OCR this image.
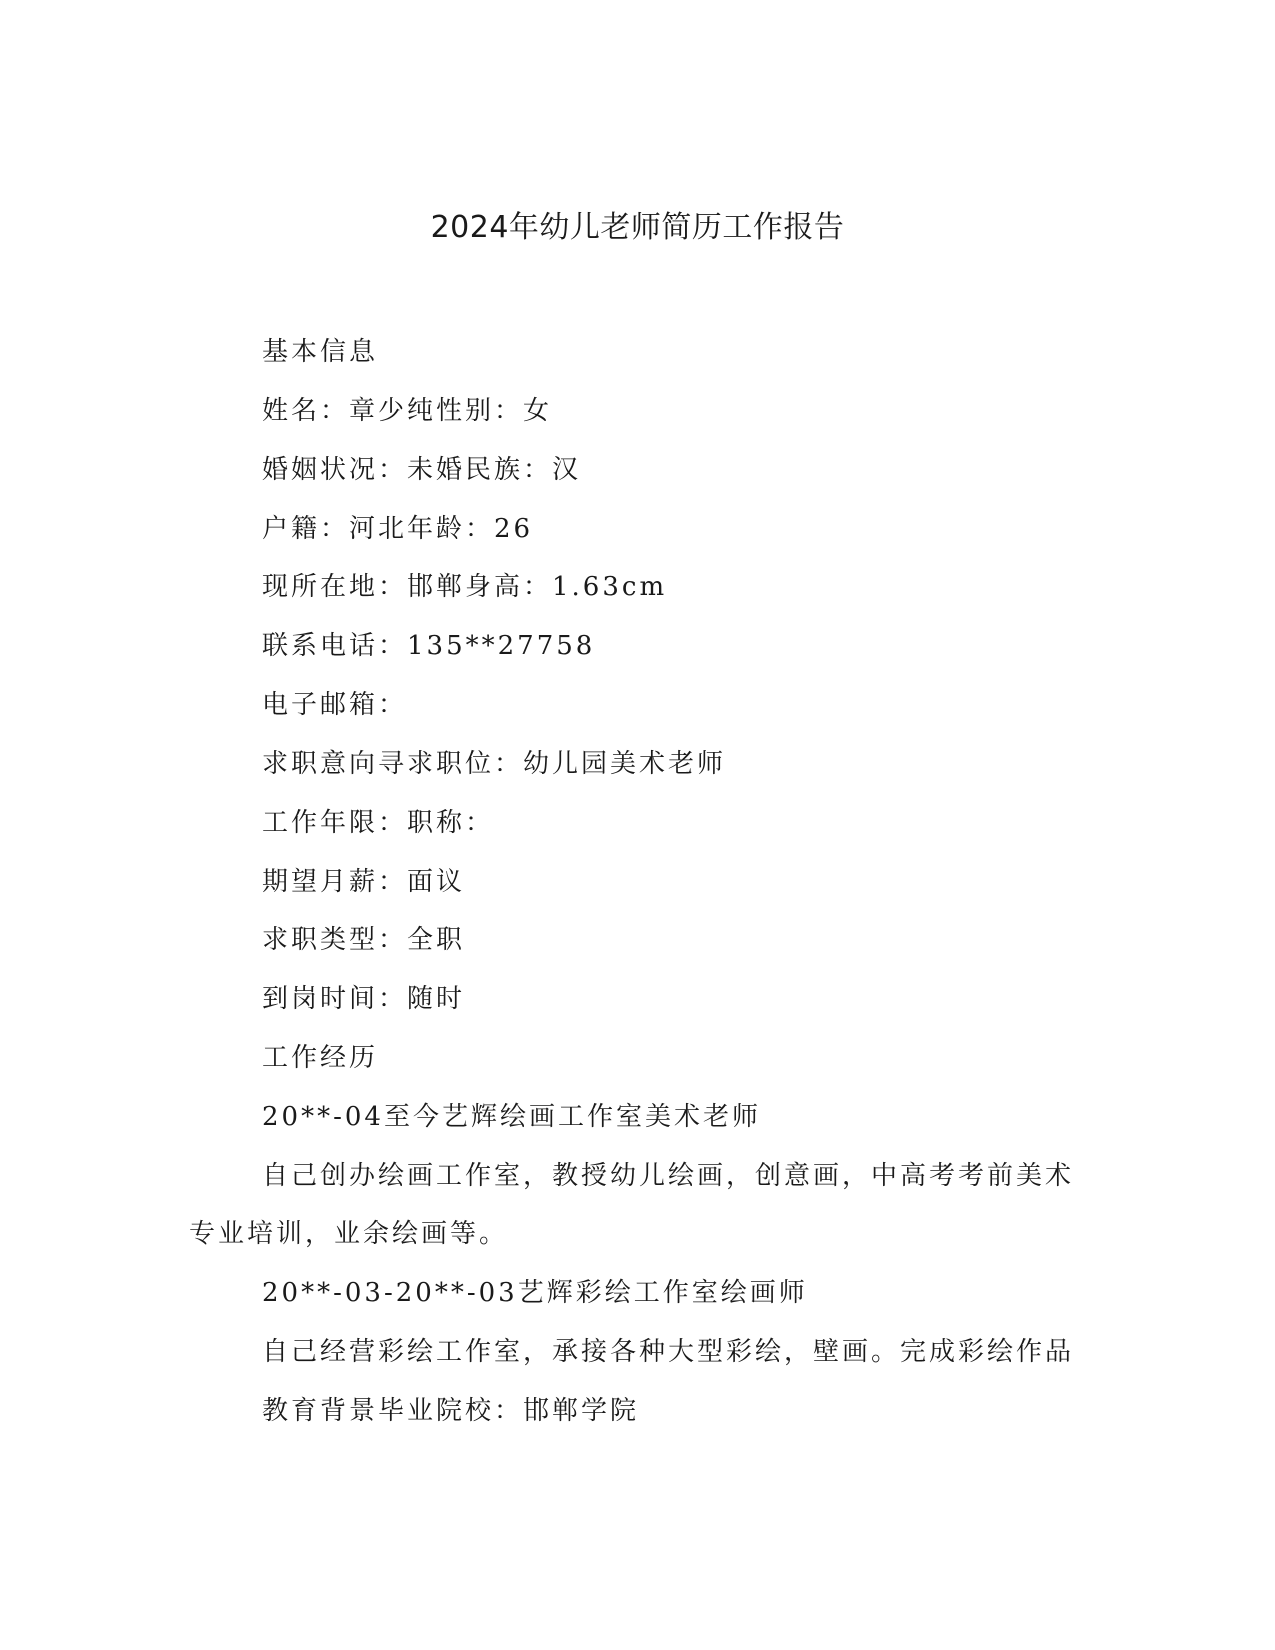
2024年幼儿老师简历工作报告
基本信息
姓名：章少纯性别：女
婚姻状况：未婚民族：汉
户籍：河北年龄：26
现所在地：邯郸身高：1.63cm
联系电话：135**27758
电子邮箱：
求职意向寻求职位：幼儿园美术老师
工作年限：职称：
期望月薪：面议
求职类型：全职
到岗时间：随时
工作经历
20**-04至今艺辉绘画工作室美术老师
自己创办绘画工作室，教授幼儿绘画，创意画，中高考考前美术
专业培训，业余绘画等。
20**-03-20**-03艺辉彩绘工作室绘画师
自己经营彩绘工作室，承接各种大型彩绘，壁画。完成彩绘作品
教育背景毕业院校：邯郸学院
